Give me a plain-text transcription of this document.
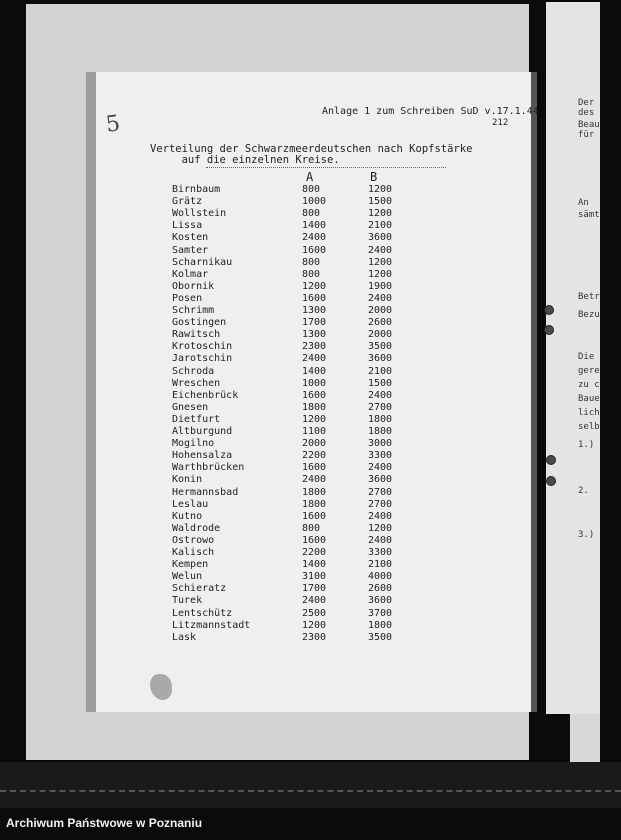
Der
des
Beau
für
An
sämt
Betr
Bezu
Die
gere
zu c
Baue
lich
selb
1.)
2.
3.)
5	Anlage 1 zum Schreiben SuD v.17.1.44
212
Verteilung der Schwarzmeerdeutschen nach Kopfstärke
auf die einzelnen Kreise.
A	B
Birnbaum	800	1200
Grätz	1000	1500
Wollstein	800	1200
Lissa	1400	2100
Kosten	2400	3600
Samter	1600	2400
Scharnikau	800	1200
Kolmar	800	1200
Obornik	1200	1900
Posen	1600	2400
Schrimm	1300	2000
Gostingen	1700	2600
Rawitsch	1300	2000
Krotoschin	2300	3500
Jarotschin	2400	3600
Schroda	1400	2100
Wreschen	1000	1500
Eichenbrück	1600	2400
Gnesen	1800	2700
Dietfurt	1200	1800
Altburgund	1100	1800
Mogilno	2000	3000
Hohensalza	2200	3300
Warthbrücken	1600	2400
Konin	2400	3600
Hermannsbad	1800	2700
Leslau	1800	2700
Kutno	1600	2400
Waldrode	800	1200
Ostrowo	1600	2400
Kalisch	2200	3300
Kempen	1400	2100
Welun	3100	4000
Schieratz	1700	2600
Turek	2400	3600
Lentschütz	2500	3700
Litzmannstadt	1200	1800
Lask	2300	3500
Archiwum Państwowe w Poznaniu
